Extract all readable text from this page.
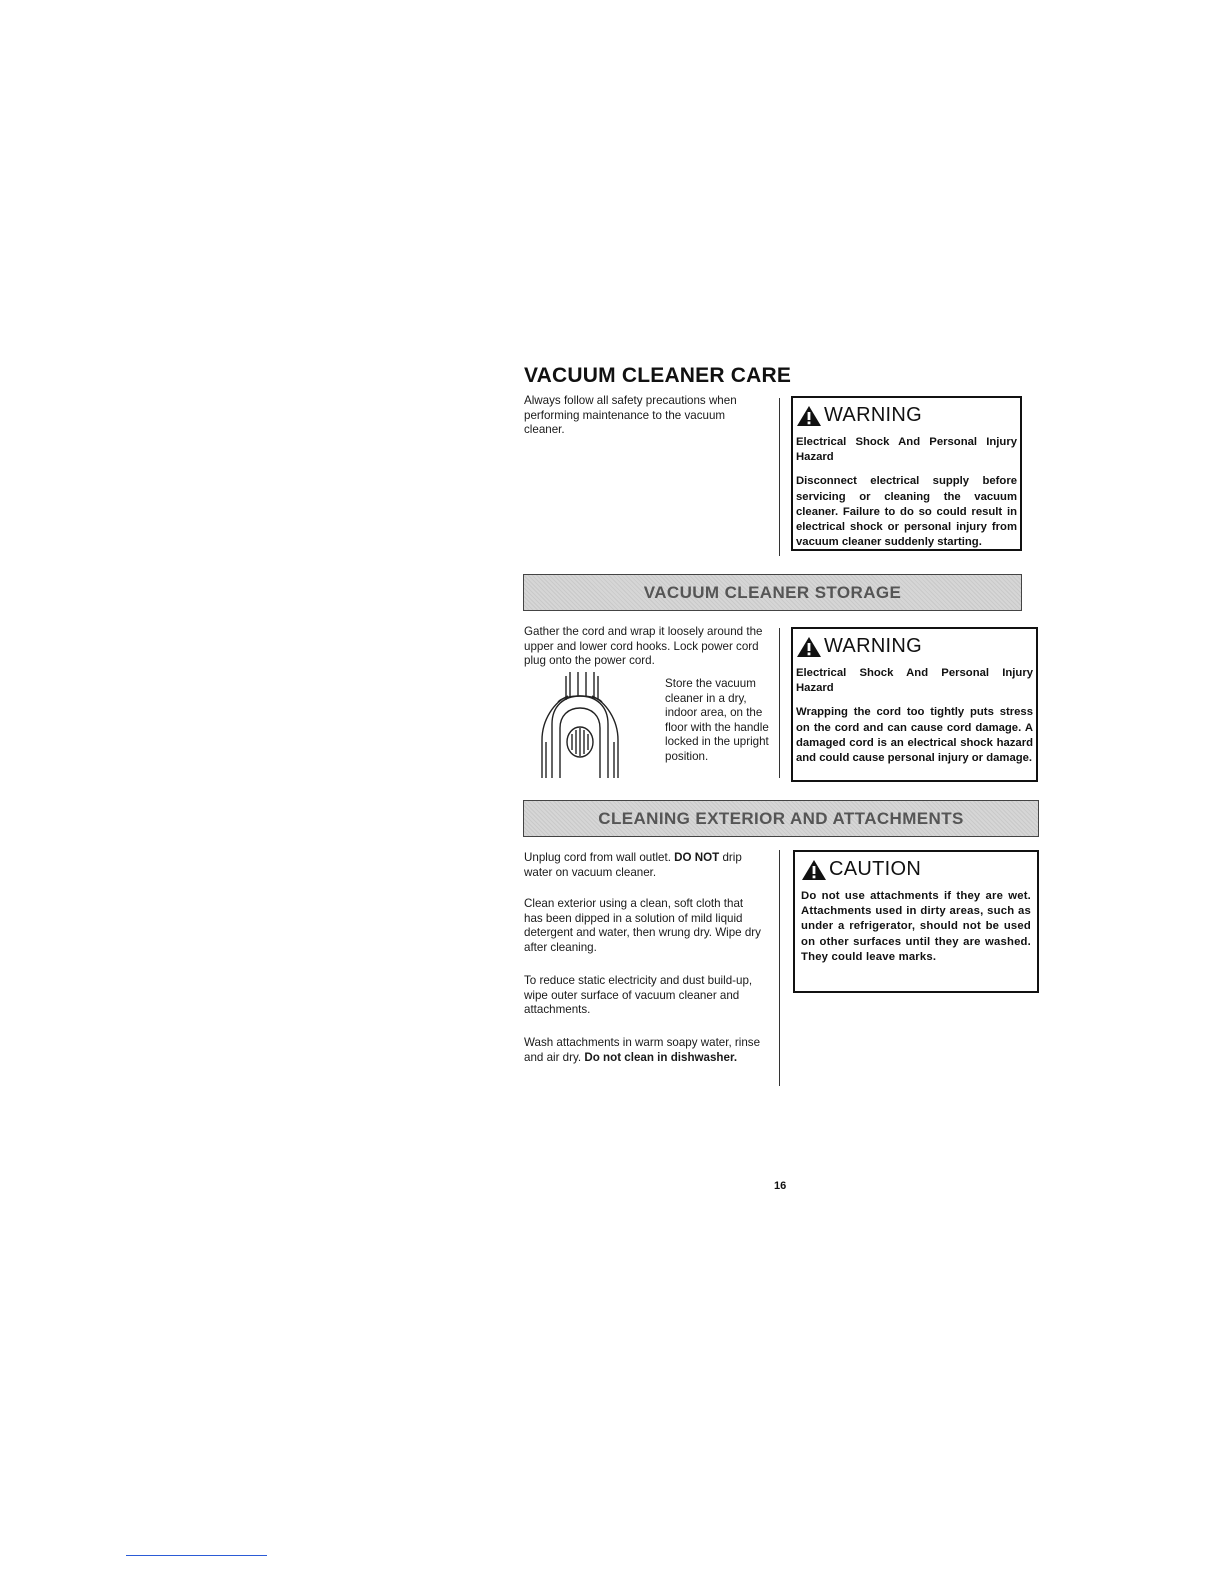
VACUUM CLEANER CARE
Always follow all safety precautions when performing maintenance to the vacuum cleaner.
WARNING
Electrical Shock And Personal Injury Hazard
Disconnect electrical supply before servicing or cleaning the vacuum cleaner. Failure to do so could result in electrical shock or personal injury from vacuum cleaner suddenly starting.
VACUUM CLEANER STORAGE
Gather the cord and wrap it loosely around the upper and lower cord hooks. Lock power cord plug onto the power cord.
Store the vacuum cleaner in a dry, indoor area, on the floor with the handle locked in the upright position.
WARNING
Electrical Shock And Personal Injury Hazard
Wrapping the cord too tightly puts stress on the cord and can cause cord damage. A damaged cord is an electrical shock hazard and could cause personal injury or damage.
CLEANING EXTERIOR AND ATTACHMENTS
Unplug cord from wall outlet. DO NOT drip water on vacuum cleaner.
Clean exterior using a clean, soft cloth that has been dipped in a solution of mild liquid detergent and water, then wrung dry. Wipe dry after cleaning.
To reduce static electricity and dust build-up, wipe outer surface of vacuum cleaner and attachments.
Wash attachments in warm soapy water, rinse and air dry. Do not clean in dishwasher.
CAUTION
Do not use attachments if they are wet. Attachments used in dirty areas, such as under a refrigerator, should not be used on other surfaces until they are washed. They could leave marks.
16
